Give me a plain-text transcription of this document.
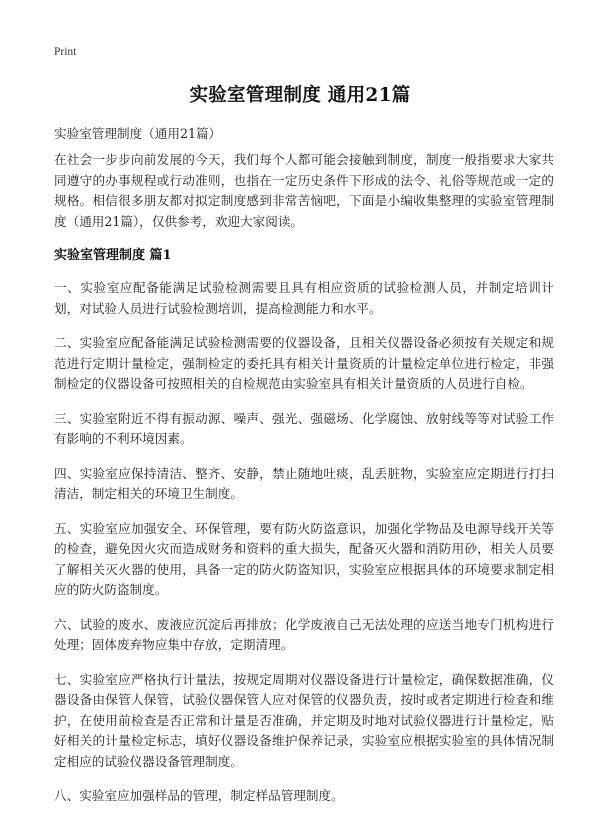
Print
实验室管理制度 通用21篇
实验室管理制度（通用21篇）

在社会一步步向前发展的今天，我们每个人都可能会接触到制度，制度一般指要求大家共同遵守的办事规程或行动准则，也指在一定历史条件下形成的法令、礼俗等规范或一定的规格。相信很多朋友都对拟定制度感到非常苦恼吧，下面是小编收集整理的实验室管理制度（通用21篇），仅供参考，欢迎大家阅读。

实验室管理制度 篇1

一、实验室应配备能满足试验检测需要且具有相应资质的试验检测人员，并制定培训计划，对试验人员进行试验检测培训，提高检测能力和水平。

二、实验室应配备能满足试验检测需要的仪器设备，且相关仪器设备必须按有关规定和规范进行定期计量检定，强制检定的委托具有相关计量资质的计量检定单位进行检定，非强制检定的仪器设备可按照相关的自检规范由实验室具有相关计量资质的人员进行自检。

三、实验室附近不得有振动源、噪声、强光、强磁场、化学腐蚀、放射线等等对试验工作有影响的不利环境因素。

四、实验室应保持清洁、整齐、安静，禁止随地吐痰，乱丢脏物，实验室应定期进行打扫清洁，制定相关的环境卫生制度。

五、实验室应加强安全、环保管理，要有防火防盗意识，加强化学物品及电源导线开关等的检查，避免因火灾而造成财务和资料的重大损失，配备灭火器和消防用砂，相关人员要了解相关灭火器的使用，具备一定的防火防盗知识，实验室应根据具体的环境要求制定相应的防火防盗制度。

六、试验的废水、废液应沉淀后再排放；化学废液自己无法处理的应送当地专门机构进行处理；固体废弃物应集中存放，定期清理。

七、实验室应严格执行计量法，按规定周期对仪器设备进行计量检定，确保数据准确，仪器设备由保管人保管，试验仪器保管人应对保管的仪器负责，按时或者定期进行检查和维护，在使用前检查是否正常和计量是否准确，并定期及时地对试验仪器进行计量检定，贴好相关的计量检定标志，填好仪器设备维护保养记录，实验室应根据实验室的具体情况制定相应的试验仪器设备管理制度。

八、实验室应加强样品的管理，制定样品管理制度。
